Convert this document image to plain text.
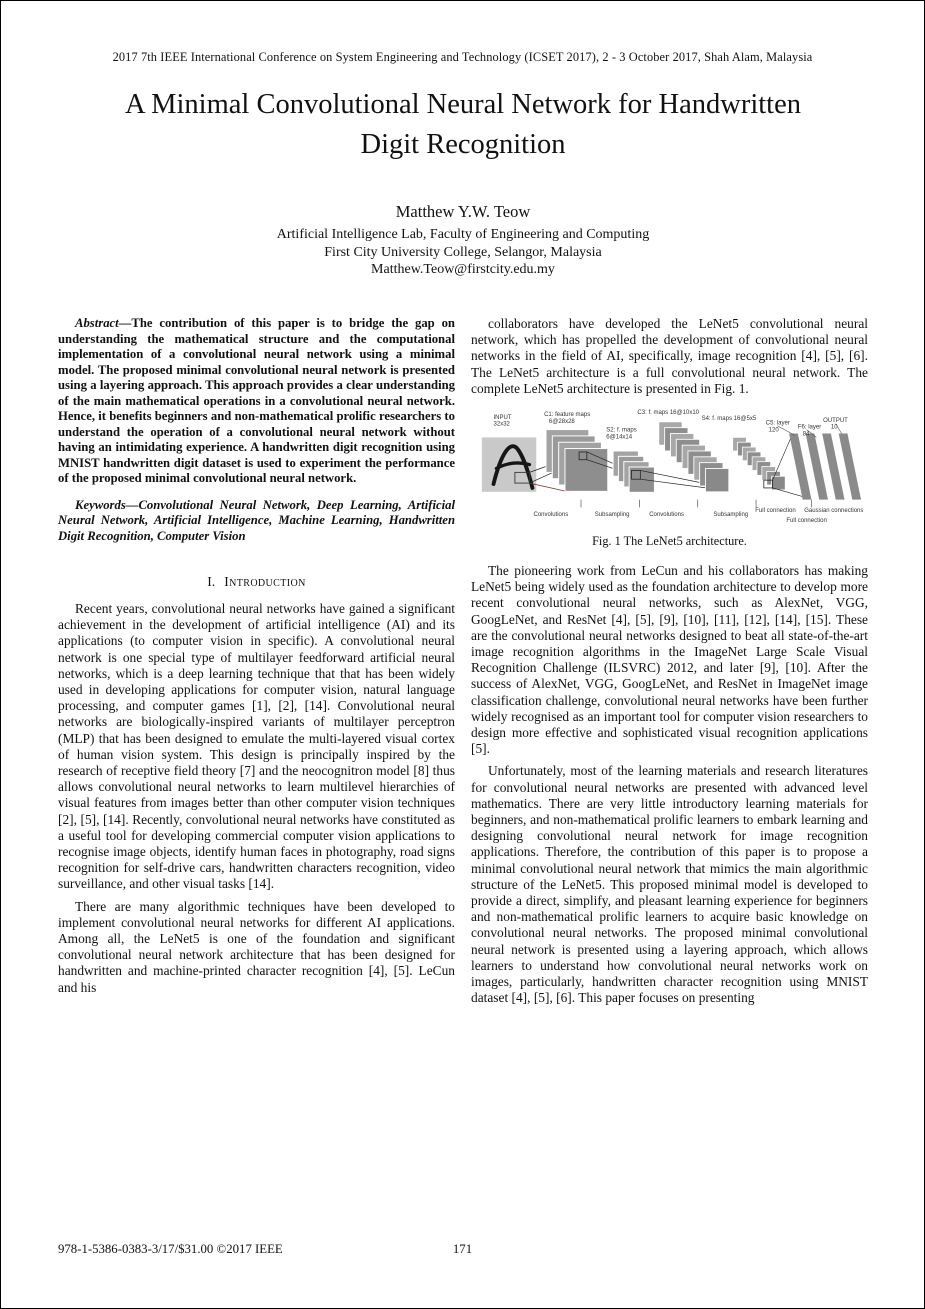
2017 7th IEEE International Conference on System Engineering and Technology (ICSET 2017), 2 - 3 October 2017, Shah Alam, Malaysia
A Minimal Convolutional Neural Network for Handwritten Digit Recognition
Matthew Y.W. Teow
Artificial Intelligence Lab, Faculty of Engineering and Computing
First City University College, Selangor, Malaysia
Matthew.Teow@firstcity.edu.my

Abstract—The contribution of this paper is to bridge the gap on understanding the mathematical structure and the computational implementation of a convolutional neural network using a minimal model. The proposed minimal convolutional neural network is presented using a layering approach. This approach provides a clear understanding of the main mathematical operations in a convolutional neural network. Hence, it benefits beginners and non-mathematical prolific researchers to understand the operation of a convolutional neural network without having an intimidating experience. A handwritten digit recognition using MNIST handwritten digit dataset is used to experiment the performance of the proposed minimal convolutional neural network.

Keywords—Convolutional Neural Network, Deep Learning, Artificial Neural Network, Artificial Intelligence, Machine Learning, Handwritten Digit Recognition, Computer Vision

I. Introduction

Recent years, convolutional neural networks have gained a significant achievement in the development of artificial intelligence (AI) and its applications (to computer vision in specific). A convolutional neural network is one special type of multilayer feedforward artificial neural networks, which is a deep learning technique that that has been widely used in developing applications for computer vision, natural language processing, and computer games [1], [2], [14]. Convolutional neural networks are biologically-inspired variants of multilayer perceptron (MLP) that has been designed to emulate the multi-layered visual cortex of human vision system. This design is principally inspired by the research of receptive field theory [7] and the neocognitron model [8] thus allows convolutional neural networks to learn multilevel hierarchies of visual features from images better than other computer vision techniques [2], [5], [14]. Recently, convolutional neural networks have constituted as a useful tool for developing commercial computer vision applications to recognise image objects, identify human faces in photography, road signs recognition for self-drive cars, handwritten characters recognition, video surveillance, and other visual tasks [14].

There are many algorithmic techniques have been developed to implement convolutional neural networks for different AI applications. Among all, the LeNet5 is one of the foundation and significant convolutional neural network architecture that has been designed for handwritten and machine-printed character recognition [4], [5]. LeCun and his

collaborators have developed the LeNet5 convolutional neural network, which has propelled the development of convolutional neural networks in the field of AI, specifically, image recognition [4], [5], [6]. The LeNet5 architecture is a full convolutional neural network. The complete LeNet5 architecture is presented in Fig. 1.

INPUT
32x32
C1: feature maps
6@28x28
S2: f. maps
6@14x14
C3: f. maps 16@10x10
S4: f. maps 16@5x5
C5: layer
120	F6: layer
84
OUTPUT
10
Convolutions	Subsampling	Convolutions	Subsampling
Full connection
Full connection
Gaussian connections
Fig. 1 The LeNet5 architecture.

The pioneering work from LeCun and his collaborators has making LeNet5 being widely used as the foundation architecture to develop more recent convolutional neural networks, such as AlexNet, VGG, GoogLeNet, and ResNet [4], [5], [9], [10], [11], [12], [14], [15]. These are the convolutional neural networks designed to beat all state-of-the-art image recognition algorithms in the ImageNet Large Scale Visual Recognition Challenge (ILSVRC) 2012, and later [9], [10]. After the success of AlexNet, VGG, GoogLeNet, and ResNet in ImageNet image classification challenge, convolutional neural networks have been further widely recognised as an important tool for computer vision researchers to design more effective and sophisticated visual recognition applications [5].

Unfortunately, most of the learning materials and research literatures for convolutional neural networks are presented with advanced level mathematics. There are very little introductory learning materials for beginners, and non-mathematical prolific learners to embark learning and designing convolutional neural network for image recognition applications. Therefore, the contribution of this paper is to propose a minimal convolutional neural network that mimics the main algorithmic structure of the LeNet5. This proposed minimal model is developed to provide a direct, simplify, and pleasant learning experience for beginners and non-mathematical prolific learners to acquire basic knowledge on convolutional neural networks. The proposed minimal convolutional neural network is presented using a layering approach, which allows learners to understand how convolutional neural networks work on images, particularly, handwritten character recognition using MNIST dataset [4], [5], [6]. This paper focuses on presenting

978-1-5386-0383-3/17/$31.00 ©2017 IEEE	171
